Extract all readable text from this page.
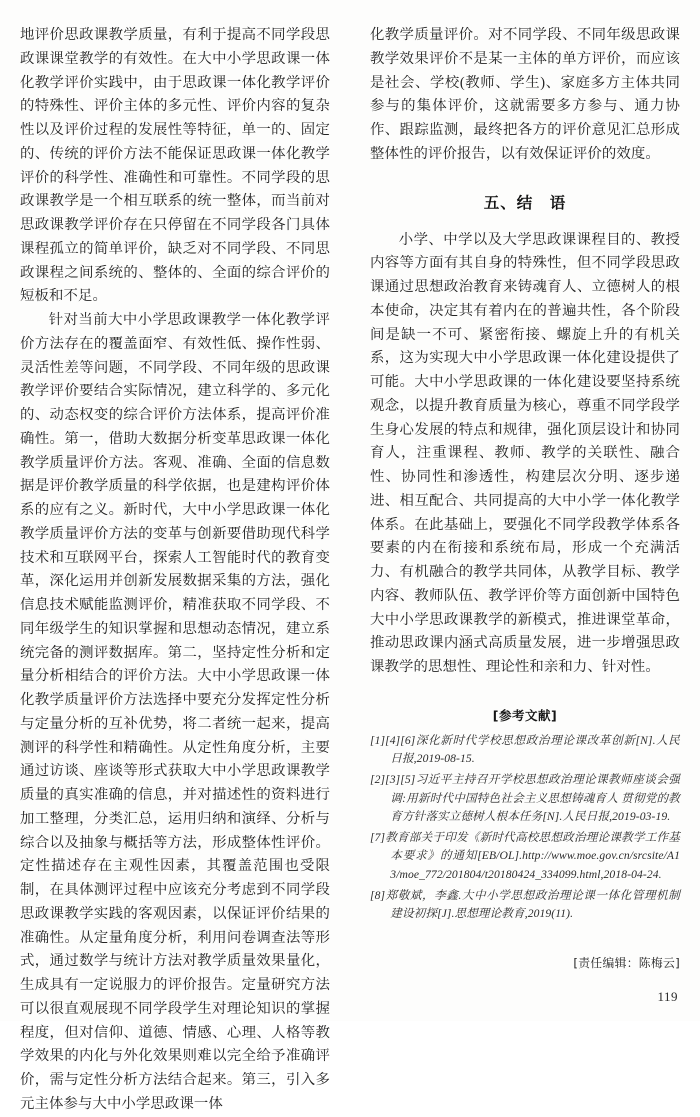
地评价思政课教学质量，有利于提高不同学段思政课课堂教学的有效性。在大中小学思政课一体化教学评价实践中，由于思政课一体化教学评价的特殊性、评价主体的多元性、评价内容的复杂性以及评价过程的发展性等特征，单一的、固定的、传统的评价方法不能保证思政课一体化教学评价的科学性、准确性和可靠性。不同学段的思政课教学是一个相互联系的统一整体，而当前对思政课教学评价存在只停留在不同学段各门具体课程孤立的简单评价，缺乏对不同学段、不同思政课程之间系统的、整体的、全面的综合评价的短板和不足。

针对当前大中小学思政课教学一体化教学评价方法存在的覆盖面窄、有效性低、操作性弱、灵活性差等问题，不同学段、不同年级的思政课教学评价要结合实际情况，建立科学的、多元化的、动态权变的综合评价方法体系，提高评价准确性。第一，借助大数据分析变革思政课一体化教学质量评价方法。客观、准确、全面的信息数据是评价教学质量的科学依据，也是建构评价体系的应有之义。新时代，大中小学思政课一体化教学质量评价方法的变革与创新要借助现代科学技术和互联网平台，探索人工智能时代的教育变革，深化运用并创新发展数据采集的方法，强化信息技术赋能监测评价，精准获取不同学段、不同年级学生的知识掌握和思想动态情况，建立系统完备的测评数据库。第二，坚持定性分析和定量分析相结合的评价方法。大中小学思政课一体化教学质量评价方法选择中要充分发挥定性分析与定量分析的互补优势，将二者统一起来，提高测评的科学性和精确性。从定性角度分析，主要通过访谈、座谈等形式获取大中小学思政课教学质量的真实准确的信息，并对描述性的资料进行加工整理，分类汇总，运用归纳和演绎、分析与综合以及抽象与概括等方法，形成整体性评价。定性描述存在主观性因素，其覆盖范围也受限制，在具体测评过程中应该充分考虑到不同学段思政课教学实践的客观因素，以保证评价结果的准确性。从定量角度分析，利用问卷调查法等形式，通过数学与统计方法对教学质量效果量化，生成具有一定说服力的评价报告。定量研究方法可以很直观展现不同学段学生对理论知识的掌握程度，但对信仰、道德、情感、心理、人格等教学效果的内化与外化效果则难以完全给予准确评价，需与定性分析方法结合起来。第三，引入多元主体参与大中小学思政课一体

化教学质量评价。对不同学段、不同年级思政课教学效果评价不是某一主体的单方评价，而应该是社会、学校(教师、学生)、家庭多方主体共同参与的集体评价，这就需要多方参与、通力协作、跟踪监测，最终把各方的评价意见汇总形成整体性的评价报告，以有效保证评价的效度。

五、结　语

小学、中学以及大学思政课课程目的、教授内容等方面有其自身的特殊性，但不同学段思政课通过思想政治教育来铸魂育人、立德树人的根本使命，决定其有着内在的普遍共性，各个阶段间是缺一不可、紧密衔接、螺旋上升的有机关系，这为实现大中小学思政课一体化建设提供了可能。大中小学思政课的一体化建设要坚持系统观念，以提升教育质量为核心，尊重不同学段学生身心发展的特点和规律，强化顶层设计和协同育人，注重课程、教师、教学的关联性、融合性、协同性和渗透性，构建层次分明、逐步递进、相互配合、共同提高的大中小学一体化教学体系。在此基础上，要强化不同学段教学体系各要素的内在衔接和系统布局，形成一个充满活力、有机融合的教学共同体，从教学目标、教学内容、教师队伍、教学评价等方面创新中国特色大中小学思政课教学的新模式，推进课堂革命，推动思政课内涵式高质量发展，进一步增强思政课教学的思想性、理论性和亲和力、针对性。

[参考文献]

[1][4][6]深化新时代学校思想政治理论课改革创新[N].人民日报,2019-08-15.

[2][3][5]习近平主持召开学校思想政治理论课教师座谈会强调:用新时代中国特色社会主义思想铸魂育人 贯彻党的教育方针落实立德树人根本任务[N].人民日报,2019-03-19.

[7]教育部关于印发《新时代高校思想政治理论课教学工作基本要求》的通知[EB/OL].http://www.moe.gov.cn/srcsite/A13/moe_772/201804/t20180424_334099.html,2018-04-24.

[8]郑敬斌，李鑫.大中小学思想政治理论课一体化管理机制建设初探[J].思想理论教育,2019(11).

[责任编辑：陈梅云]

119
